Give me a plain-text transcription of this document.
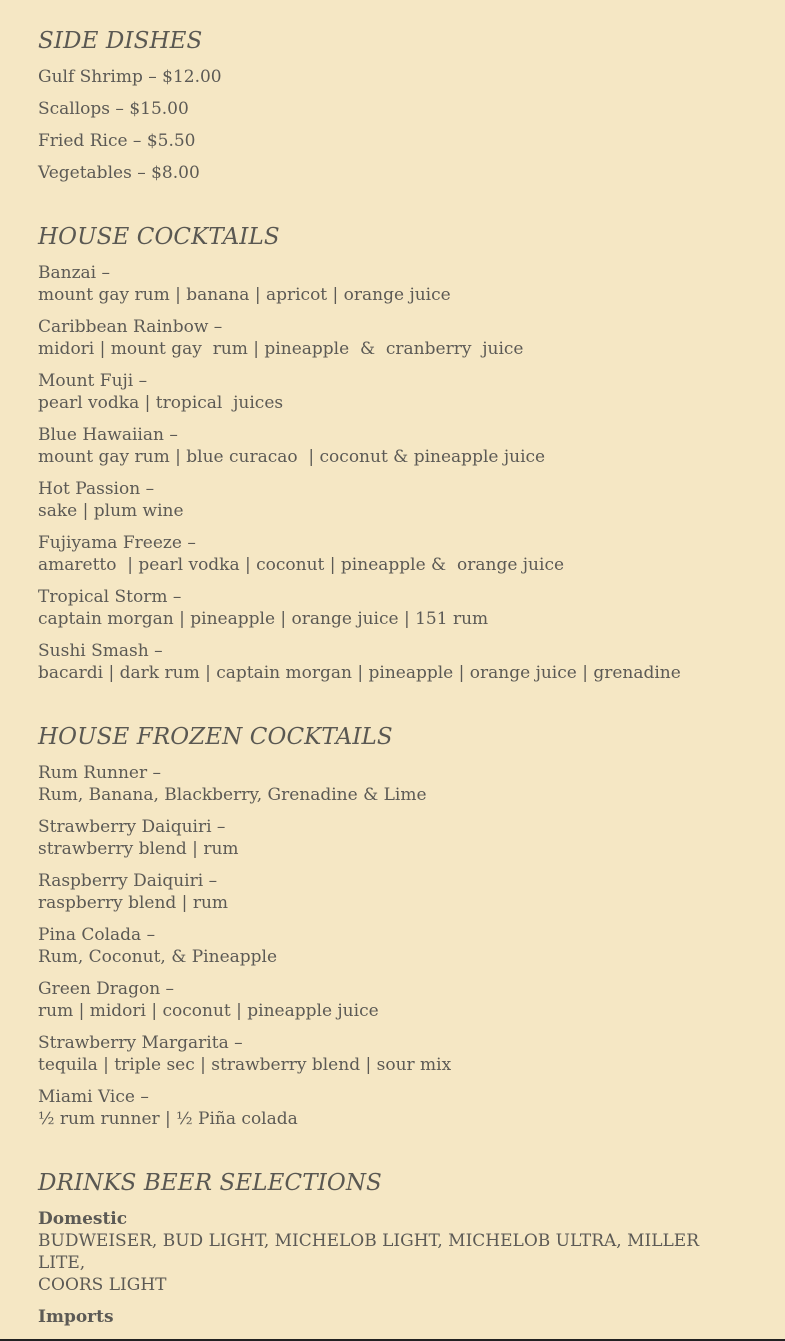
SIDE DISHES
Gulf Shrimp – $12.00
Scallops – $15.00
Fried Rice – $5.50
Vegetables – $8.00
HOUSE COCKTAILS
Banzai –
mount gay rum | banana | apricot | orange juice
Caribbean Rainbow –
midori | mount gay  rum | pineapple  &  cranberry  juice
Mount Fuji –
pearl vodka | tropical  juices
Blue Hawaiian –
mount gay rum | blue curacao  | coconut & pineapple juice
Hot Passion –
sake | plum wine
Fujiyama Freeze –
amaretto  | pearl vodka | coconut | pineapple &  orange juice
Tropical Storm –
captain morgan | pineapple | orange juice | 151 rum
Sushi Smash –
bacardi | dark rum | captain morgan | pineapple | orange juice | grenadine
HOUSE FROZEN COCKTAILS
Rum Runner –
Rum, Banana, Blackberry, Grenadine & Lime
Strawberry Daiquiri –
strawberry blend | rum
Raspberry Daiquiri –
raspberry blend | rum
Pina Colada –
Rum, Coconut, & Pineapple
Green Dragon –
rum | midori | coconut | pineapple juice
Strawberry Margarita –
tequila | triple sec | strawberry blend | sour mix
Miami Vice –
½ rum runner | ½ Piña colada
DRINKS BEER SELECTIONS
Domestic
BUDWEISER, BUD LIGHT, MICHELOB LIGHT, MICHELOB ULTRA, MILLER LITE,
COORS LIGHT
Imports
